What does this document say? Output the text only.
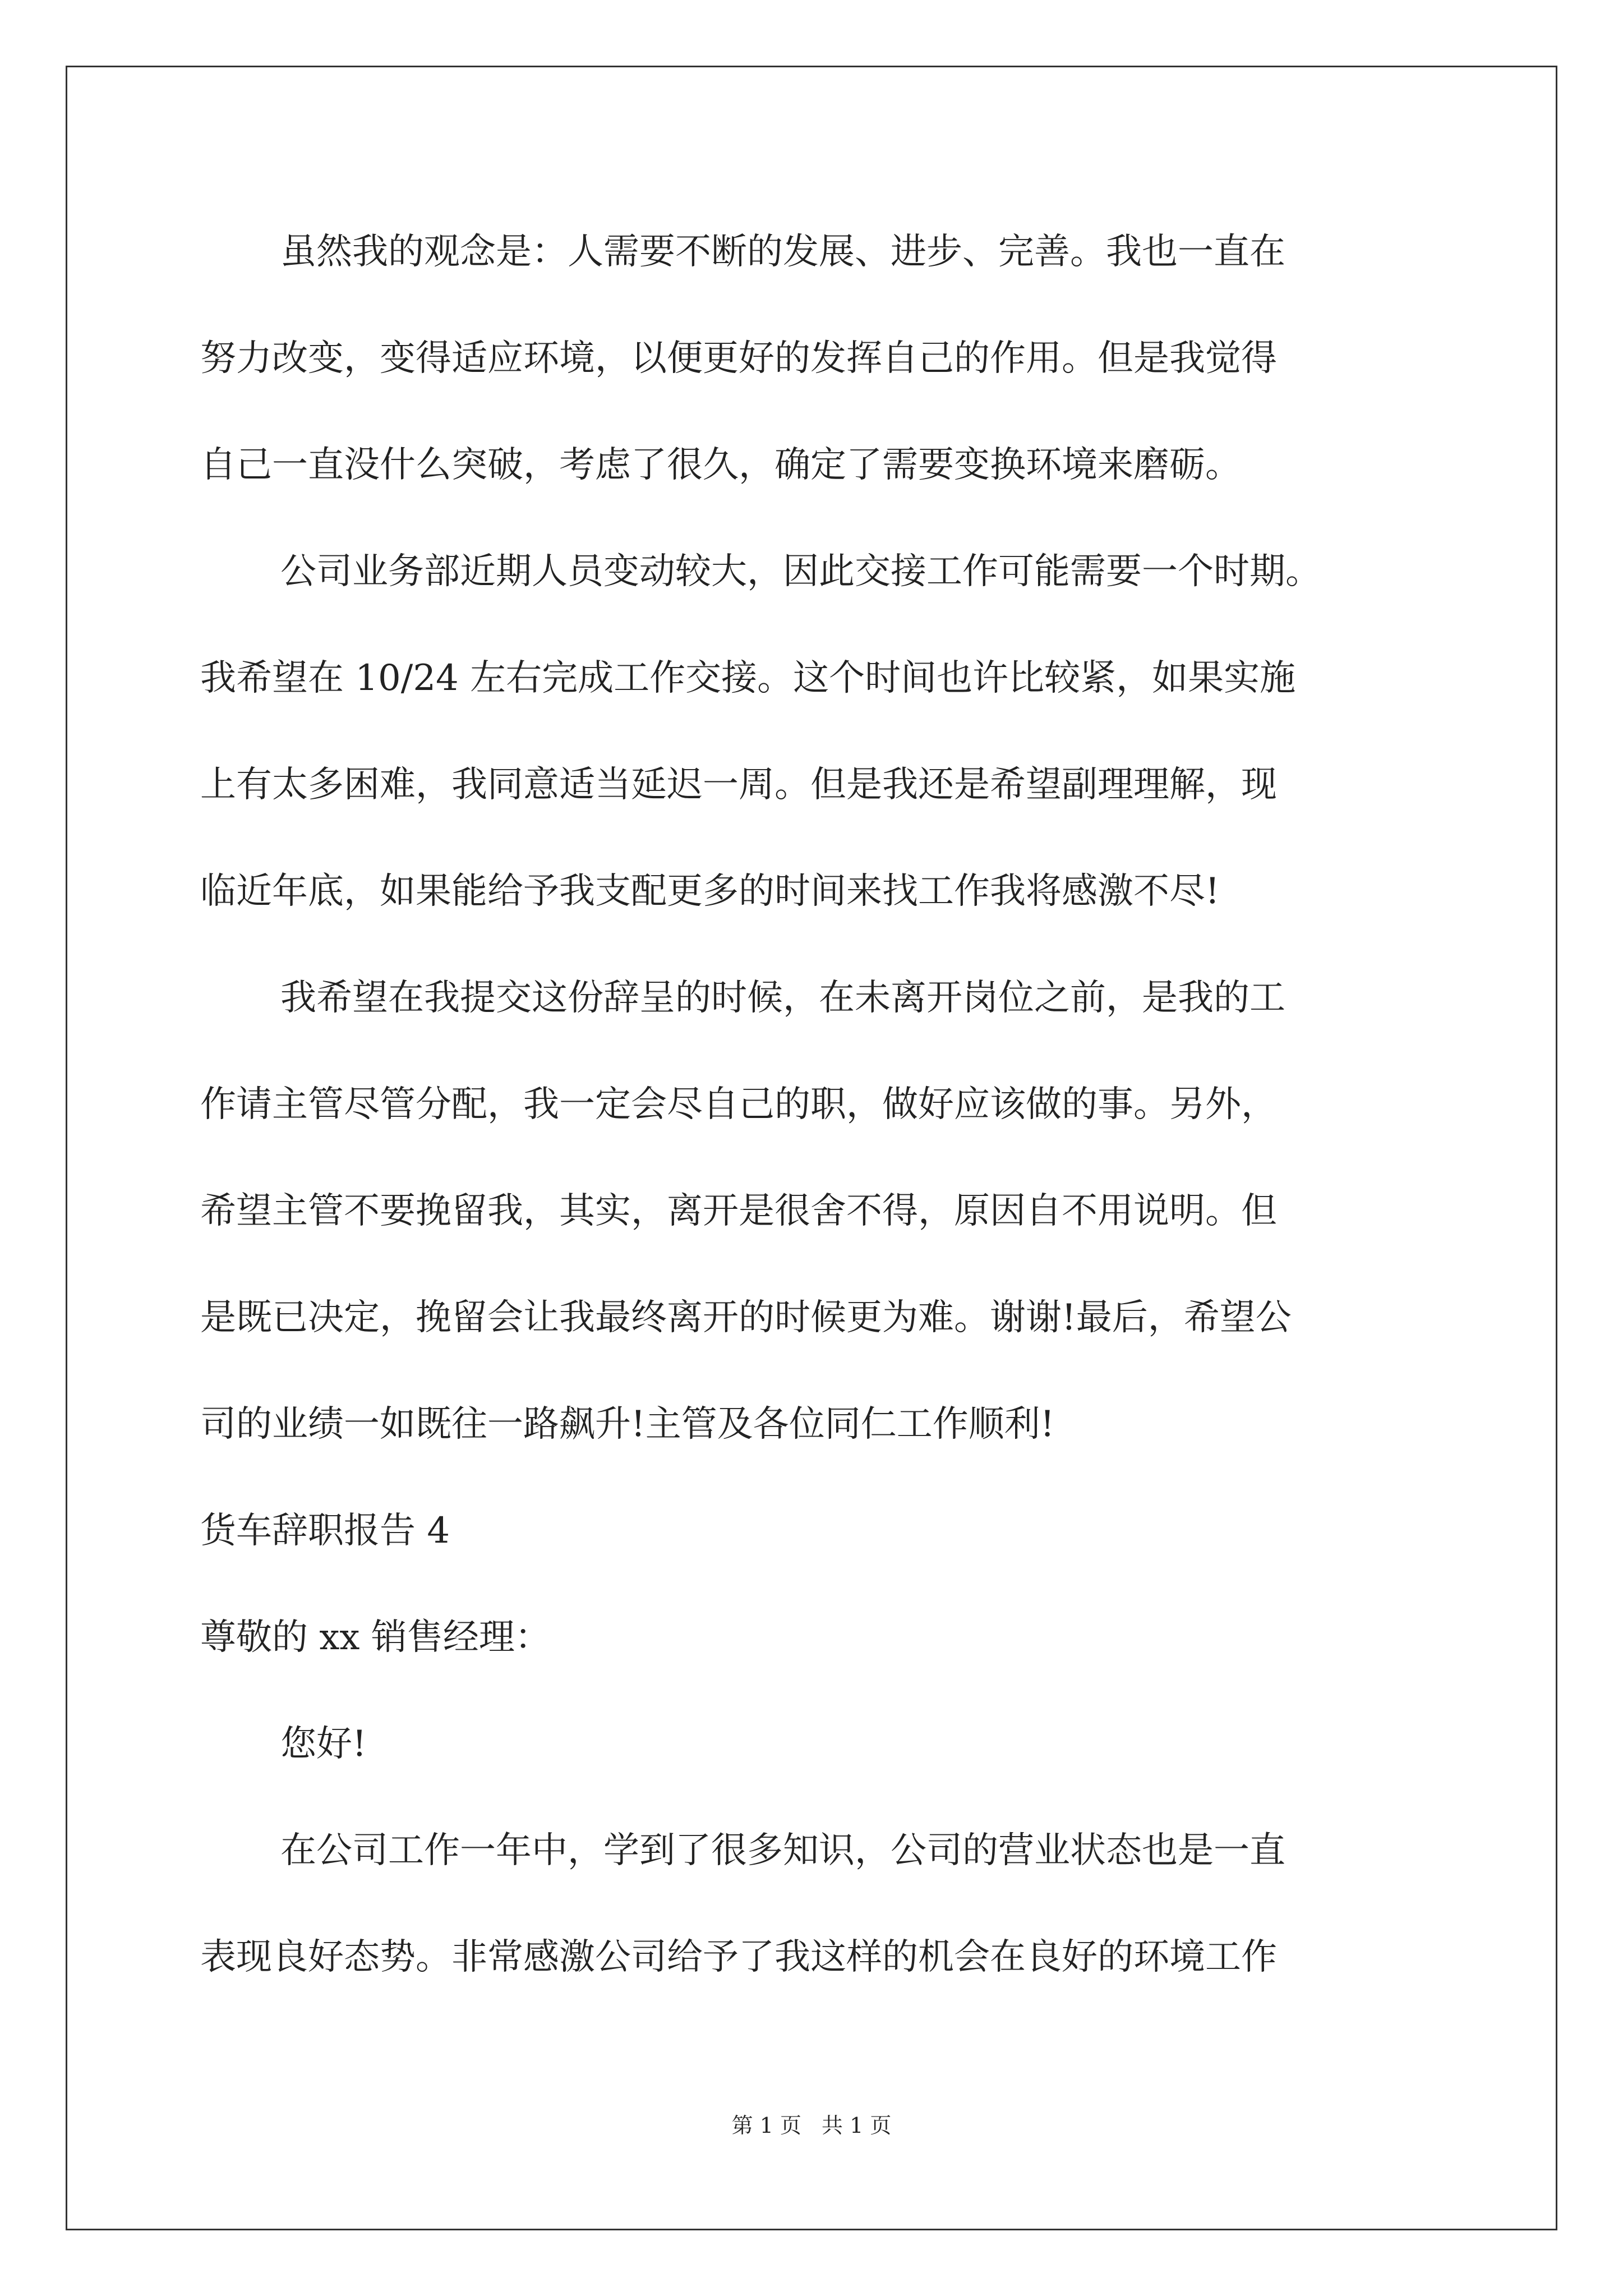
虽然我的观念是：人需要不断的发展、进步、完善。我也一直在
努力改变，变得适应环境，以便更好的发挥自己的作用。但是我觉得
自己一直没什么突破，考虑了很久，确定了需要变换环境来磨砺。
公司业务部近期人员变动较大，因此交接工作可能需要一个时期。
我希望在 10/24 左右完成工作交接。这个时间也许比较紧，如果实施
上有太多困难，我同意适当延迟一周。但是我还是希望副理理解，现
临近年底，如果能给予我支配更多的时间来找工作我将感激不尽!
我希望在我提交这份辞呈的时候，在未离开岗位之前，是我的工
作请主管尽管分配，我一定会尽自己的职，做好应该做的事。另外，
希望主管不要挽留我，其实，离开是很舍不得，原因自不用说明。但
是既已决定，挽留会让我最终离开的时候更为难。谢谢!最后，希望公
司的业绩一如既往一路飙升!主管及各位同仁工作顺利!
货车辞职报告 4
尊敬的 xx 销售经理：
您好!
在公司工作一年中，学到了很多知识，公司的营业状态也是一直
表现良好态势。非常感激公司给予了我这样的机会在良好的环境工作
第 1 页 共 1 页
